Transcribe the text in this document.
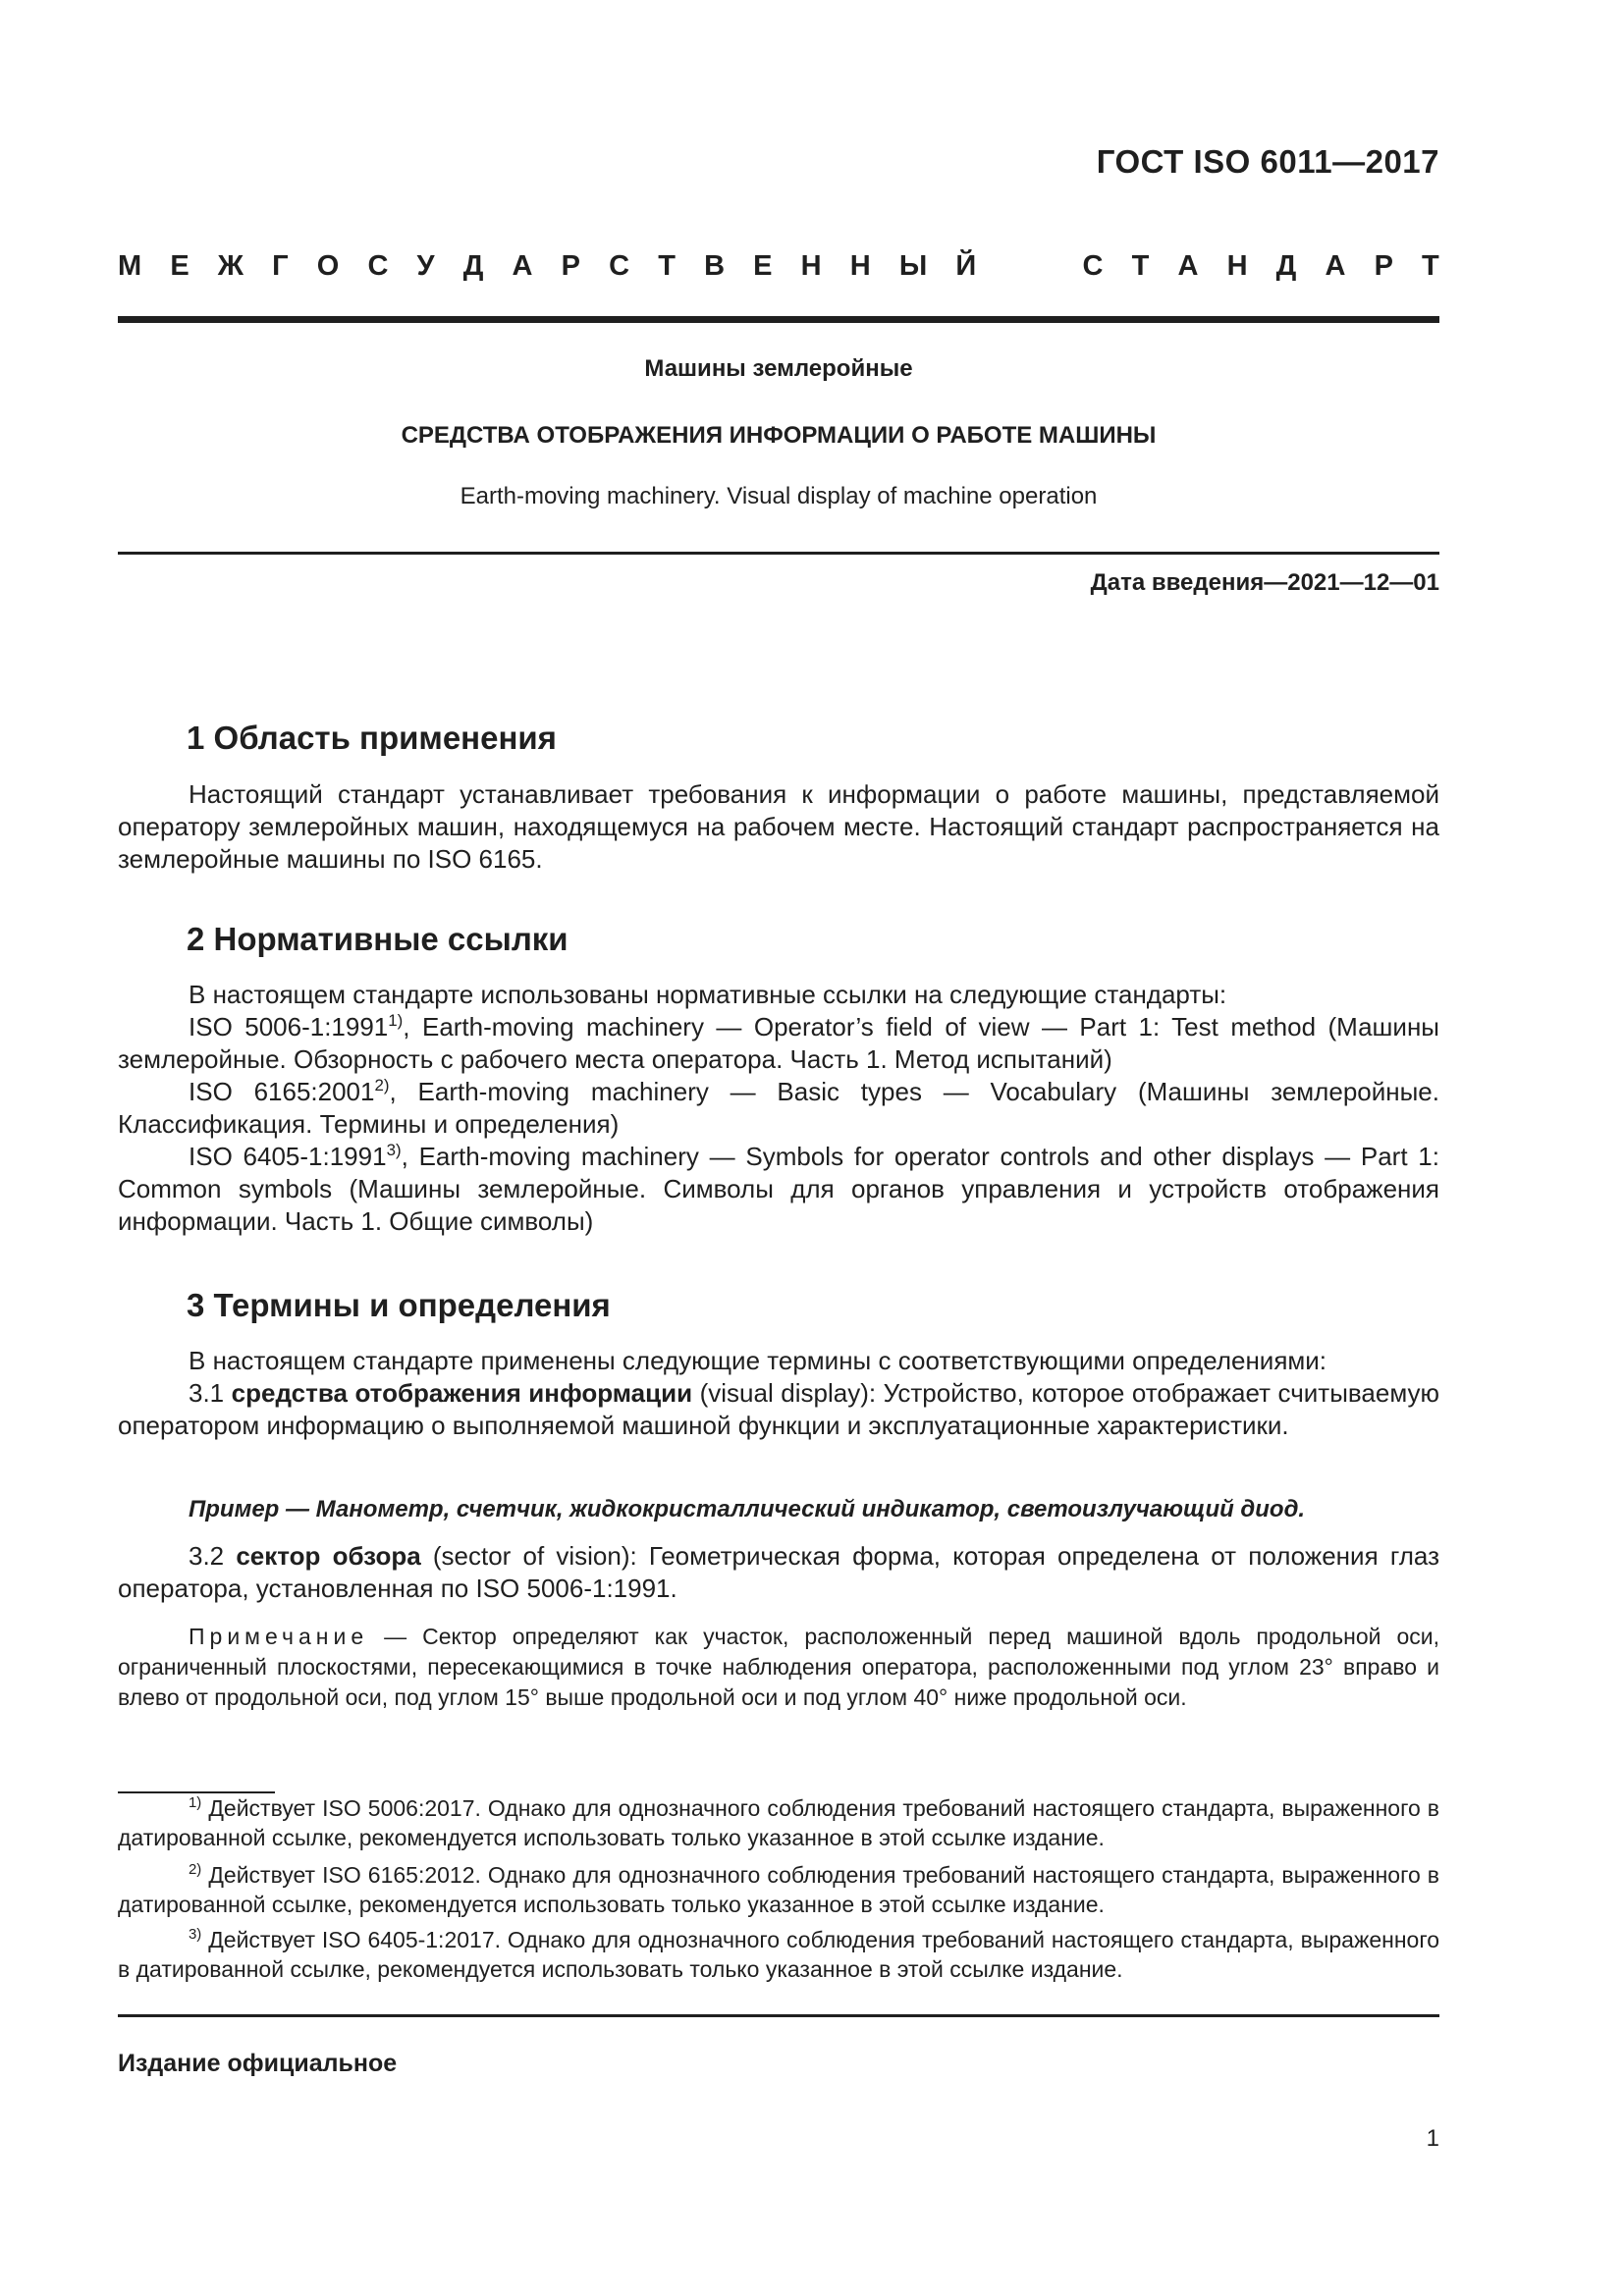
ГОСТ ISO 6011—2017
М Е Ж Г О С У Д А Р С Т В Е Н Н Ы Й	С Т А Н Д А Р Т
Машины землеройные
СРЕДСТВА ОТОБРАЖЕНИЯ ИНФОРМАЦИИ О РАБОТЕ МАШИНЫ
Earth-moving machinery. Visual display of machine operation
Дата введения—2021—12—01
1 Область применения
Настоящий стандарт устанавливает требования к информации о работе машины, представляемой оператору землеройных машин, находящемуся на рабочем месте. Настоящий стандарт распространяется на землеройные машины по ISO 6165.
2 Нормативные ссылки
В настоящем стандарте использованы нормативные ссылки на следующие стандарты:
ISO 5006-1:1991$^{1)}$, Earth-moving machinery — Operator’s field of view — Part 1: Test method (Машины землеройные. Обзорность с рабочего места оператора. Часть 1. Метод испытаний)
ISO 6165:2001$^{2)}$, Earth-moving machinery — Basic types — Vocabulary (Машины землеройные. Классификация. Термины и определения)
ISO 6405-1:1991$^{3)}$, Earth-moving machinery — Symbols for operator controls and other displays — Part 1: Common symbols (Машины землеройные. Символы для органов управления и устройств отображения информации. Часть 1. Общие символы)
3 Термины и определения
В настоящем стандарте применены следующие термины с соответствующими определениями:
3.1 средства отображения информации (visual display): Устройство, которое отображает считываемую оператором информацию о выполняемой машиной функции и эксплуатационные характеристики.
Пример — Манометр, счетчик, жидкокристаллический индикатор, светоизлучающий диод.
3.2 сектор обзора (sector of vision): Геометрическая форма, которая определена от положения глаз оператора, установленная по ISO 5006-1:1991.
Примечание — Сектор определяют как участок, расположенный перед машиной вдоль продольной оси, ограниченный плоскостями, пересекающимися в точке наблюдения оператора, расположенными под углом 23° вправо и влево от продольной оси, под углом 15° выше продольной оси и под углом 40° ниже продольной оси.
$^{1)}$ Действует ISO 5006:2017. Однако для однозначного соблюдения требований настоящего стандарта, выраженного в датированной ссылке, рекомендуется использовать только указанное в этой ссылке издание.
$^{2)}$ Действует ISO 6165:2012. Однако для однозначного соблюдения требований настоящего стандарта, выраженного в датированной ссылке, рекомендуется использовать только указанное в этой ссылке издание.
$^{3)}$ Действует ISO 6405-1:2017. Однако для однозначного соблюдения требований настоящего стандарта, выраженного в датированной ссылке, рекомендуется использовать только указанное в этой ссылке издание.
Издание официальное
1
